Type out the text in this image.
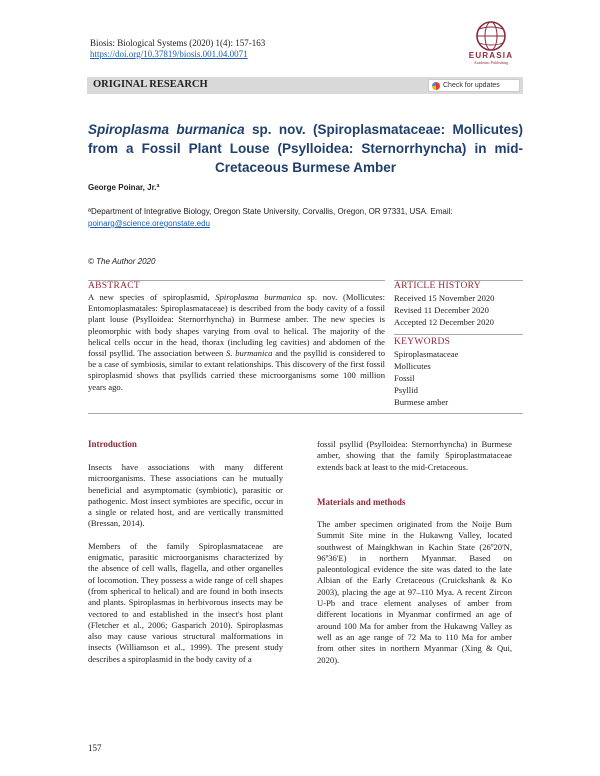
Biosis: Biological Systems (2020) 1(4): 157-163
https://doi.org/10.37819/biosis.001.04.0071	EURASIA
Academic Publishing
ORIGINAL RESEARCH	Check for updates
Spiroplasma burmanica sp. nov. (Spiroplasmataceae: Mollicutes) from a Fossil Plant Louse (Psylloidea: Sternorrhyncha) in mid-Cretaceous Burmese Amber
George Poinar, Jr.ª
ªDepartment of Integrative Biology, Oregon State University, Corvallis, Oregon, OR 97331, USA. Email:
poinarg@science.oregonstate.edu
© The Author 2020
ABSTRACT
A new species of spiroplasmid, Spiroplasma burmanica sp. nov. (Mollicutes: Entomoplasmatales: Spiroplasmataceae) is described from the body cavity of a fossil plant louse (Psylloidea: Sternorrhyncha) in Burmese amber. The new species is pleomorphic with body shapes varying from oval to helical. The majority of the helical cells occur in the head, thorax (including leg cavities) and abdomen of the fossil psyllid. The association between S. burmanica and the psyllid is considered to be a case of symbiosis, similar to extant relationships. This discovery of the first fossil spiroplasmid shows that psyllids carried these microorganisms some 100 million years ago.
ARTICLE HISTORY
Received 15 November 2020
Revised 11 December 2020
Accepted 12 December 2020
KEYWORDS
Spiroplasmataceae
Mollicutes
Fossil
Psyllid
Burmese amber
Introduction

Insects have associations with many different microorganisms. These associations can be mutually beneficial and asymptomatic (symbiotic), parasitic or pathogenic. Most insect symbiotes are specific, occur in a single or related host, and are vertically transmitted (Bressan, 2014).

Members of the family Spiroplasmataceae are enigmatic, parasitic microorganisms characterized by the absence of cell walls, flagella, and other organelles of locomotion. They possess a wide range of cell shapes (from spherical to helical) and are found in both insects and plants. Spiroplasmas in herbivorous insects may be vectored to and established in the insect's host plant (Fletcher et al., 2006; Gasparich 2010). Spiroplasmas also may cause various structural malformations in insects (Williamson et al., 1999). The present study describes a spiroplasmid in the body cavity of a

fossil psyllid (Psylloidea: Sternorrhyncha) in Burmese amber, showing that the family Spiroplastmataceae extends back at least to the mid-Cretaceous.

Materials and methods

The amber specimen originated from the Noije Bum Summit Site mine in the Hukawng Valley, located southwest of Maingkhwan in Kachin State (26º20'N, 96º36'E) in northern Myanmar. Based on paleontological evidence the site was dated to the late Albian of the Early Cretaceous (Cruickshank & Ko 2003), placing the age at 97–110 Mya. A recent Zircon U-Pb and trace element analyses of amber from different locations in Myanmar confirmed an age of around 100 Ma for amber from the Hukawng Valley as well as an age range of 72 Ma to 110 Ma for amber from other sites in northern Myanmar (Xing & Qui, 2020).

157
